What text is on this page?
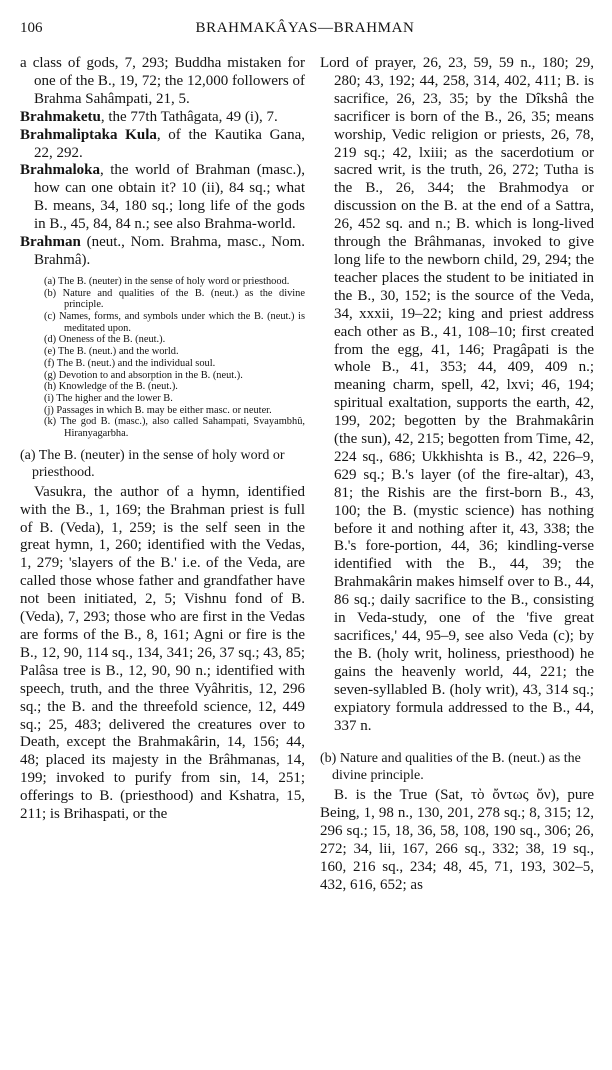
106	BRAHMAKÂYAS—BRAHMAN

a class of gods, 7, 293; Buddha mistaken for one of the B., 19, 72; the 12,000 followers of Brahma Sahâmpati, 21, 5.

Brahmaketu, the 77th Tathâgata, 49 (i), 7.

Brahmaliptaka Kula, of the Kautika Gana, 22, 292.

Brahmaloka, the world of Brahman (masc.), how can one obtain it? 10 (ii), 84 sq.; what B. means, 34, 180 sq.; long life of the gods in B., 45, 84, 84 n.; see also Brahma-world.

Brahman (neut., Nom. Brahma, masc., Nom. Brahmâ).

(a) The B. (neuter) in the sense of holy word or priesthood.

(b) Nature and qualities of the B. (neut.) as the divine principle.

(c) Names, forms, and symbols under which the B. (neut.) is meditated upon.

(d) Oneness of the B. (neut.).

(e) The B. (neut.) and the world.

(f) The B. (neut.) and the individual soul.

(g) Devotion to and absorption in the B. (neut.).

(h) Knowledge of the B. (neut.).

(i) The higher and the lower B.

(j) Passages in which B. may be either masc. or neuter.

(k) The god B. (masc.), also called Sahampati, Svayambhû, Hiranyagarbha.

(a) The B. (neuter) in the sense of holy word or priesthood.

Vasukra, the author of a hymn, identified with the B., 1, 169; the Brahman priest is full of B. (Veda), 1, 259; is the self seen in the great hymn, 1, 260; identified with the Vedas, 1, 279; 'slayers of the B.' i.e. of the Veda, are called those whose father and grandfather have not been initiated, 2, 5; Vishnu fond of B. (Veda), 7, 293; those who are first in the Vedas are forms of the B., 8, 161; Agni or fire is the B., 12, 90, 114 sq., 134, 341; 26, 37 sq.; 43, 85; Palâsa tree is B., 12, 90, 90 n.; identified with speech, truth, and the three Vyâhritis, 12, 296 sq.; the B. and the threefold science, 12, 449 sq.; 25, 483; delivered the creatures over to Death, except the Brahmakârin, 14, 156; 44, 48; placed its majesty in the Brâhmanas, 14, 199; invoked to purify from sin, 14, 251; offerings to B. (priesthood) and Kshatra, 15, 211; is Brihaspati, or the

Lord of prayer, 26, 23, 59, 59 n., 180; 29, 280; 43, 192; 44, 258, 314, 402, 411; B. is sacrifice, 26, 23, 35; by the Dîkshâ the sacrificer is born of the B., 26, 35; means worship, Vedic religion or priests, 26, 78, 219 sq.; 42, lxiii; as the sacerdotium or sacred writ, is the truth, 26, 272; Tutha is the B., 26, 344; the Brahmodya or discussion on the B. at the end of a Sattra, 26, 452 sq. and n.; B. which is long-lived through the Brâhmanas, invoked to give long life to the newborn child, 29, 294; the teacher places the student to be initiated in the B., 30, 152; is the source of the Veda, 34, xxxii, 19–22; king and priest address each other as B., 41, 108–10; first created from the egg, 41, 146; Pragâpati is the whole B., 41, 353; 44, 409, 409 n.; meaning charm, spell, 42, lxvi; 46, 194; spiritual exaltation, supports the earth, 42, 199, 202; begotten by the Brahmakârin (the sun), 42, 215; begotten from Time, 42, 224 sq., 686; Ukkhishta is B., 42, 226–9, 629 sq.; B.'s layer (of the fire-altar), 43, 81; the Rishis are the first-born B., 43, 100; the B. (mystic science) has nothing before it and nothing after it, 43, 338; the B.'s fore-portion, 44, 36; kindling-verse identified with the B., 44, 39; the Brahmakârin makes himself over to B., 44, 86 sq.; daily sacrifice to the B., consisting in Veda-study, one of the 'five great sacrifices,' 44, 95–9, see also Veda (c); by the B. (holy writ, holiness, priesthood) he gains the heavenly world, 44, 221; the seven-syllabled B. (holy writ), 43, 314 sq.; expiatory formula addressed to the B., 44, 337 n.

(b) Nature and qualities of the B. (neut.) as the divine principle.

B. is the True (Sat, τὸ ὄντως ὄν), pure Being, 1, 98 n., 130, 201, 278 sq.; 8, 315; 12, 296 sq.; 15, 18, 36, 58, 108, 190 sq., 306; 26, 272; 34, lii, 167, 266 sq., 332; 38, 19 sq., 160, 216 sq., 234; 48, 45, 71, 193, 302–5, 432, 616, 652; as
